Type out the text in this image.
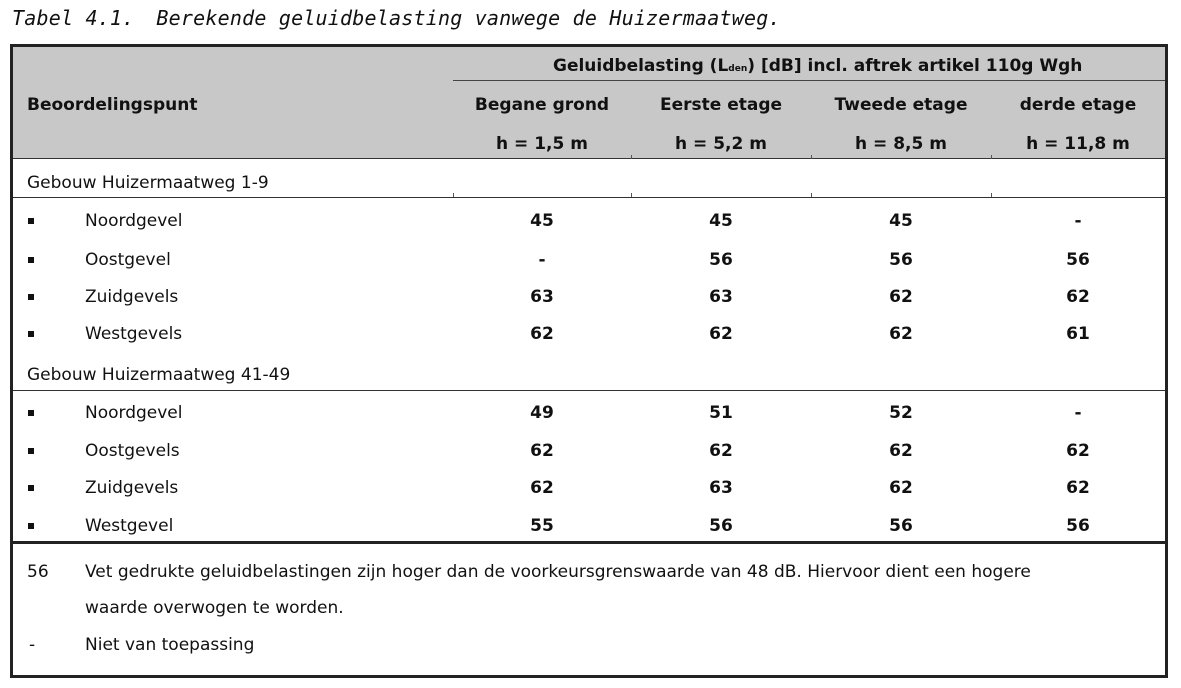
Tabel 4.1. Berekende geluidbelasting vanwege de Huizermaatweg.
Geluidbelasting (Lden) [dB] incl. aftrek artikel 110g Wgh
Beoordelingspunt	Begane grond	Eerste etage	Tweede etage	derde etage
h = 1,5 m	h = 5,2 m	h = 8,5 m	h = 11,8 m
Gebouw Huizermaatweg 1-9
Noordgevel	45	45	45	-
Oostgevel	-	56	56	56
Zuidgevels	63	63	62	62
Westgevels	62	62	62	61
Gebouw Huizermaatweg 41-49
Noordgevel	49	51	52	-
Oostgevels	62	62	62	62
Zuidgevels	62	63	62	62
Westgevel	55	56	56	56
56 Vet gedrukte geluidbelastingen zijn hoger dan de voorkeursgrenswaarde van 48 dB. Hiervoor dient een hogere
waarde overwogen te worden.
-	Niet van toepassing
